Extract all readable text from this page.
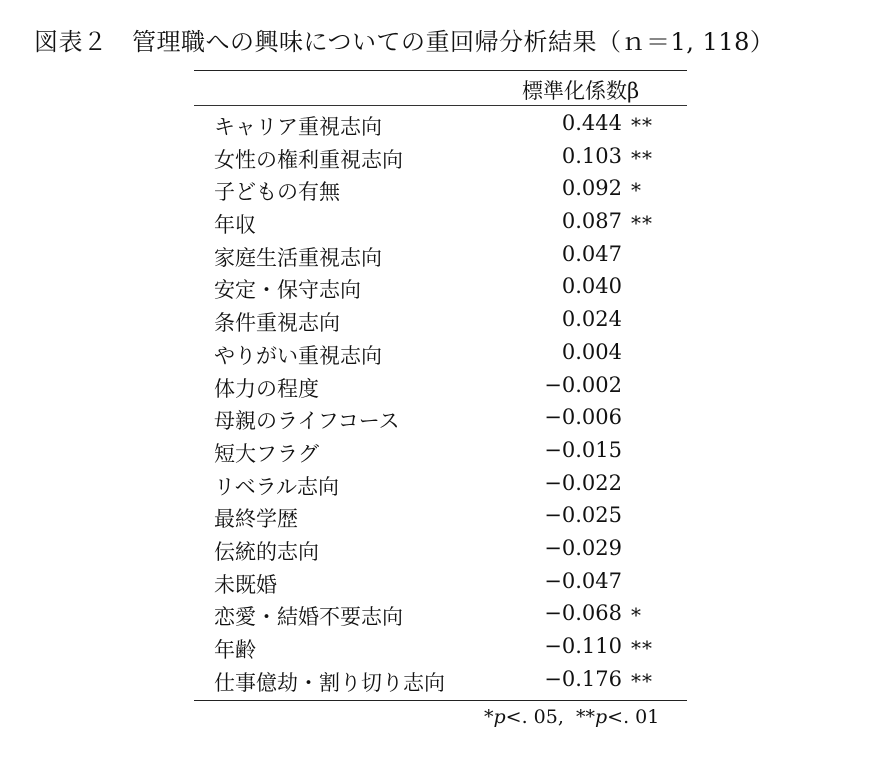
図表２　管理職への興味についての重回帰分析結果（ｎ＝1, 118）
標準化係数β
キャリア重視志向	0.444 **
女性の権利重視志向	0.103 **
子どもの有無	0.092 *
年収	0.087 **
家庭生活重視志向	0.047
安定・保守志向	0.040
条件重視志向	0.024
やりがい重視志向	0.004
体力の程度	−0.002
母親のライフコース	−0.006
短大フラグ	−0.015
リベラル志向	−0.022
最終学歴	−0.025
伝統的志向	−0.029
未既婚	−0.047
恋愛・結婚不要志向	−0.068 *
年齢	−0.110 **
仕事億劫・割り切り志向	−0.176 **
*p<. 05, **p<. 01
